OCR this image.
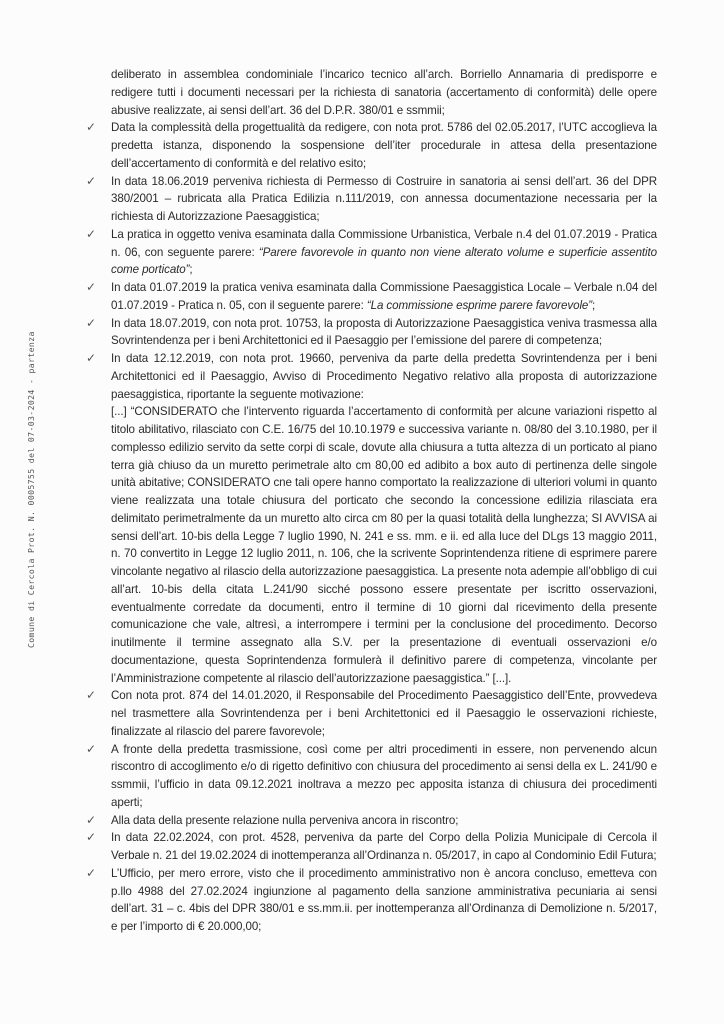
Comune di Cercola Prot. N. 0005755 del 07-03-2024 - partenza

deliberato in assemblea condominiale l’incarico tecnico all’arch. Borriello Annamaria di predisporre e redigere tutti i documenti necessari per la richiesta di sanatoria (accertamento di conformità) delle opere abusive realizzate, ai sensi dell’art. 36 del D.P.R. 380/01 e ssmmii;

✓ Data la complessità della progettualità da redigere, con nota prot. 5786 del 02.05.2017, l’UTC accoglieva la predetta istanza, disponendo la sospensione dell’iter procedurale in attesa della presentazione dell’accertamento di conformità e del relativo esito;

✓ In data 18.06.2019 perveniva richiesta di Permesso di Costruire in sanatoria ai sensi dell’art. 36 del DPR 380/2001 – rubricata alla Pratica Edilizia n.111/2019, con annessa documentazione necessaria per la richiesta di Autorizzazione Paesaggistica;

✓ La pratica in oggetto veniva esaminata dalla Commissione Urbanistica, Verbale n.4 del 01.07.2019 - Pratica n. 06, con seguente parere: “Parere favorevole in quanto non viene alterato volume e superficie assentito come porticato”;

✓ In data 01.07.2019 la pratica veniva esaminata dalla Commissione Paesaggistica Locale – Verbale n.04 del 01.07.2019 - Pratica n. 05, con il seguente parere: “La commissione esprime parere favorevole”;

✓ In data 18.07.2019, con nota prot. 10753, la proposta di Autorizzazione Paesaggistica veniva trasmessa alla Sovrintendenza per i beni Architettonici ed il Paesaggio per l’emissione del parere di competenza;

✓ In data 12.12.2019, con nota prot. 19660, perveniva da parte della predetta Sovrintendenza per i beni Architettonici ed il Paesaggio, Avviso di Procedimento Negativo relativo alla proposta di autorizzazione paesaggistica, riportante la seguente motivazione:

[...] “CONSIDERATO che l’intervento riguarda l’accertamento di conformità per alcune variazioni rispetto al titolo abilitativo, rilasciato con C.E. 16/75 del 10.10.1979 e successiva variante n. 08/80 del 3.10.1980, per il complesso edilizio servito da sette corpi di scale, dovute alla chiusura a tutta altezza di un porticato al piano terra già chiuso da un muretto perimetrale alto cm 80,00 ed adibito a box auto di pertinenza delle singole unità abitative; CONSIDERATO cne tali opere hanno comportato la realizzazione di ulteriori volumi in quanto viene realizzata una totale chiusura del porticato che secondo la concessione edilizia rilasciata era delimitato perimetralmente da un muretto alto circa cm 80 per la quasi totalità della lunghezza; SI AVVISA ai sensi dell’art. 10-bis della Legge 7 luglio 1990, N. 241 e ss. mm. e ii. ed alla luce del DLgs 13 maggio 2011, n. 70 convertito in Legge 12 luglio 2011, n. 106, che la scrivente Soprintendenza ritiene di esprimere parere vincolante negativo al rilascio della autorizzazione paesaggistica. La presente nota adempie all’obbligo di cui all’art. 10-bis della citata L.241/90 sicché possono essere presentate per iscritto osservazioni, eventualmente corredate da documenti, entro il termine di 10 giorni dal ricevimento della presente comunicazione che vale, altresì, a interrompere i termini per la conclusione del procedimento. Decorso inutilmente il termine assegnato alla S.V. per la presentazione di eventuali osservazioni e/o documentazione, questa Soprintendenza formulerà il definitivo parere di competenza, vincolante per l’Amministrazione competente al rilascio dell’autorizzazione paesaggistica.” [...].

✓ Con nota prot. 874 del 14.01.2020, il Responsabile del Procedimento Paesaggistico dell’Ente, provvedeva nel trasmettere alla Sovrintendenza per i beni Architettonici ed il Paesaggio le osservazioni richieste, finalizzate al rilascio del parere favorevole;

✓ A fronte della predetta trasmissione, così come per altri procedimenti in essere, non pervenendo alcun riscontro di accoglimento e/o di rigetto definitivo con chiusura del procedimento ai sensi della ex L. 241/90 e ssmmii, l’ufficio in data 09.12.2021 inoltrava a mezzo pec apposita istanza di chiusura dei procedimenti aperti;

✓ Alla data della presente relazione nulla perveniva ancora in riscontro;

✓ In data 22.02.2024, con prot. 4528, perveniva da parte del Corpo della Polizia Municipale di Cercola il Verbale n. 21 del 19.02.2024 di inottemperanza all’Ordinanza n. 05/2017, in capo al Condominio Edil Futura;

✓ L’Ufficio, per mero errore, visto che il procedimento amministrativo non è ancora concluso, emetteva con p.llo 4988 del 27.02.2024 ingiunzione al pagamento della sanzione amministrativa pecuniaria ai sensi dell’art. 31 – c. 4bis del DPR 380/01 e ss.mm.ii. per inottemperanza all’Ordinanza di Demolizione n. 5/2017, e per l’importo di € 20.000,00;
